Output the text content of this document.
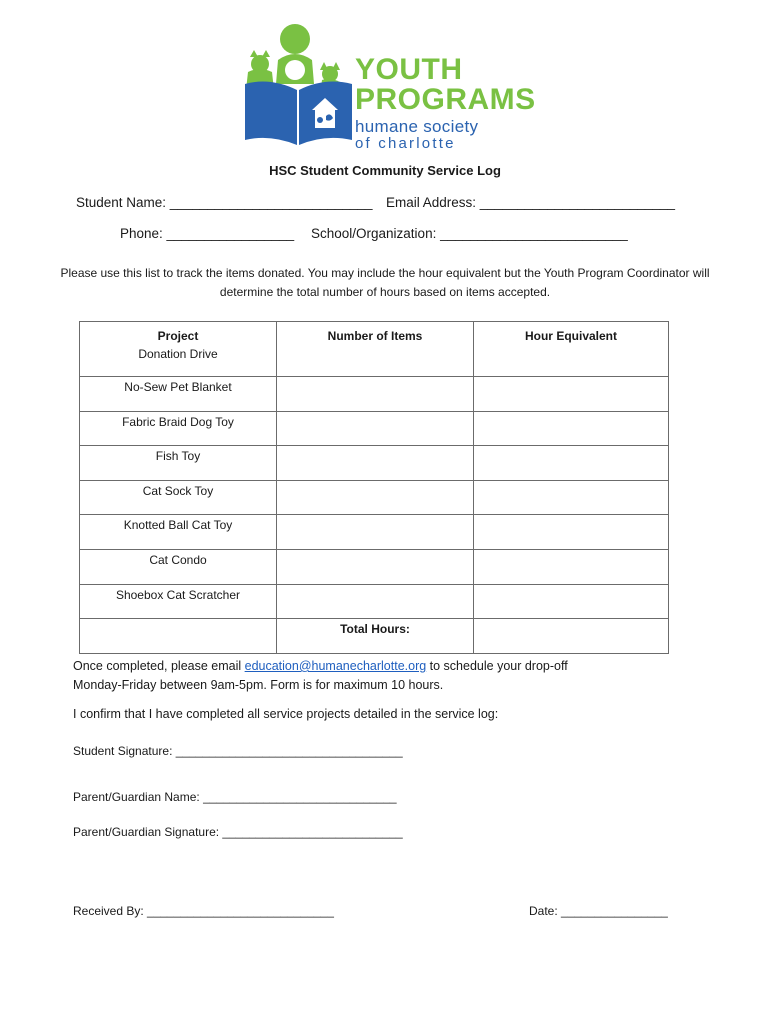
YOUTH
PROGRAMS
humane society
of charlotte
HSC Student Community Service Log
Student Name: ___________________________ Email Address: __________________________
Phone: _________________ School/Organization: _________________________
Please use this list to track the items donated. You may include the hour equivalent but the Youth Program Coordinator will determine the total number of hours based on items accepted.
Project	Number of Items	Hour Equivalent
Donation Drive		
No-Sew Pet Blanket		
Fabric Braid Dog Toy		
Fish Toy		
Cat Sock Toy		
Knotted Ball Cat Toy		
Cat Condo		
Shoebox Cat Scratcher		
	Total Hours:	
Once completed, please email education@humanecharlotte.org to schedule your drop-off
Monday-Friday between 9am-5pm. Form is for maximum 10 hours.
I confirm that I have completed all service projects detailed in the service log:
Student Signature: __________________________________
Parent/Guardian Name: _____________________________
Parent/Guardian Signature: ___________________________
Received By: ____________________________	Date: ________________
